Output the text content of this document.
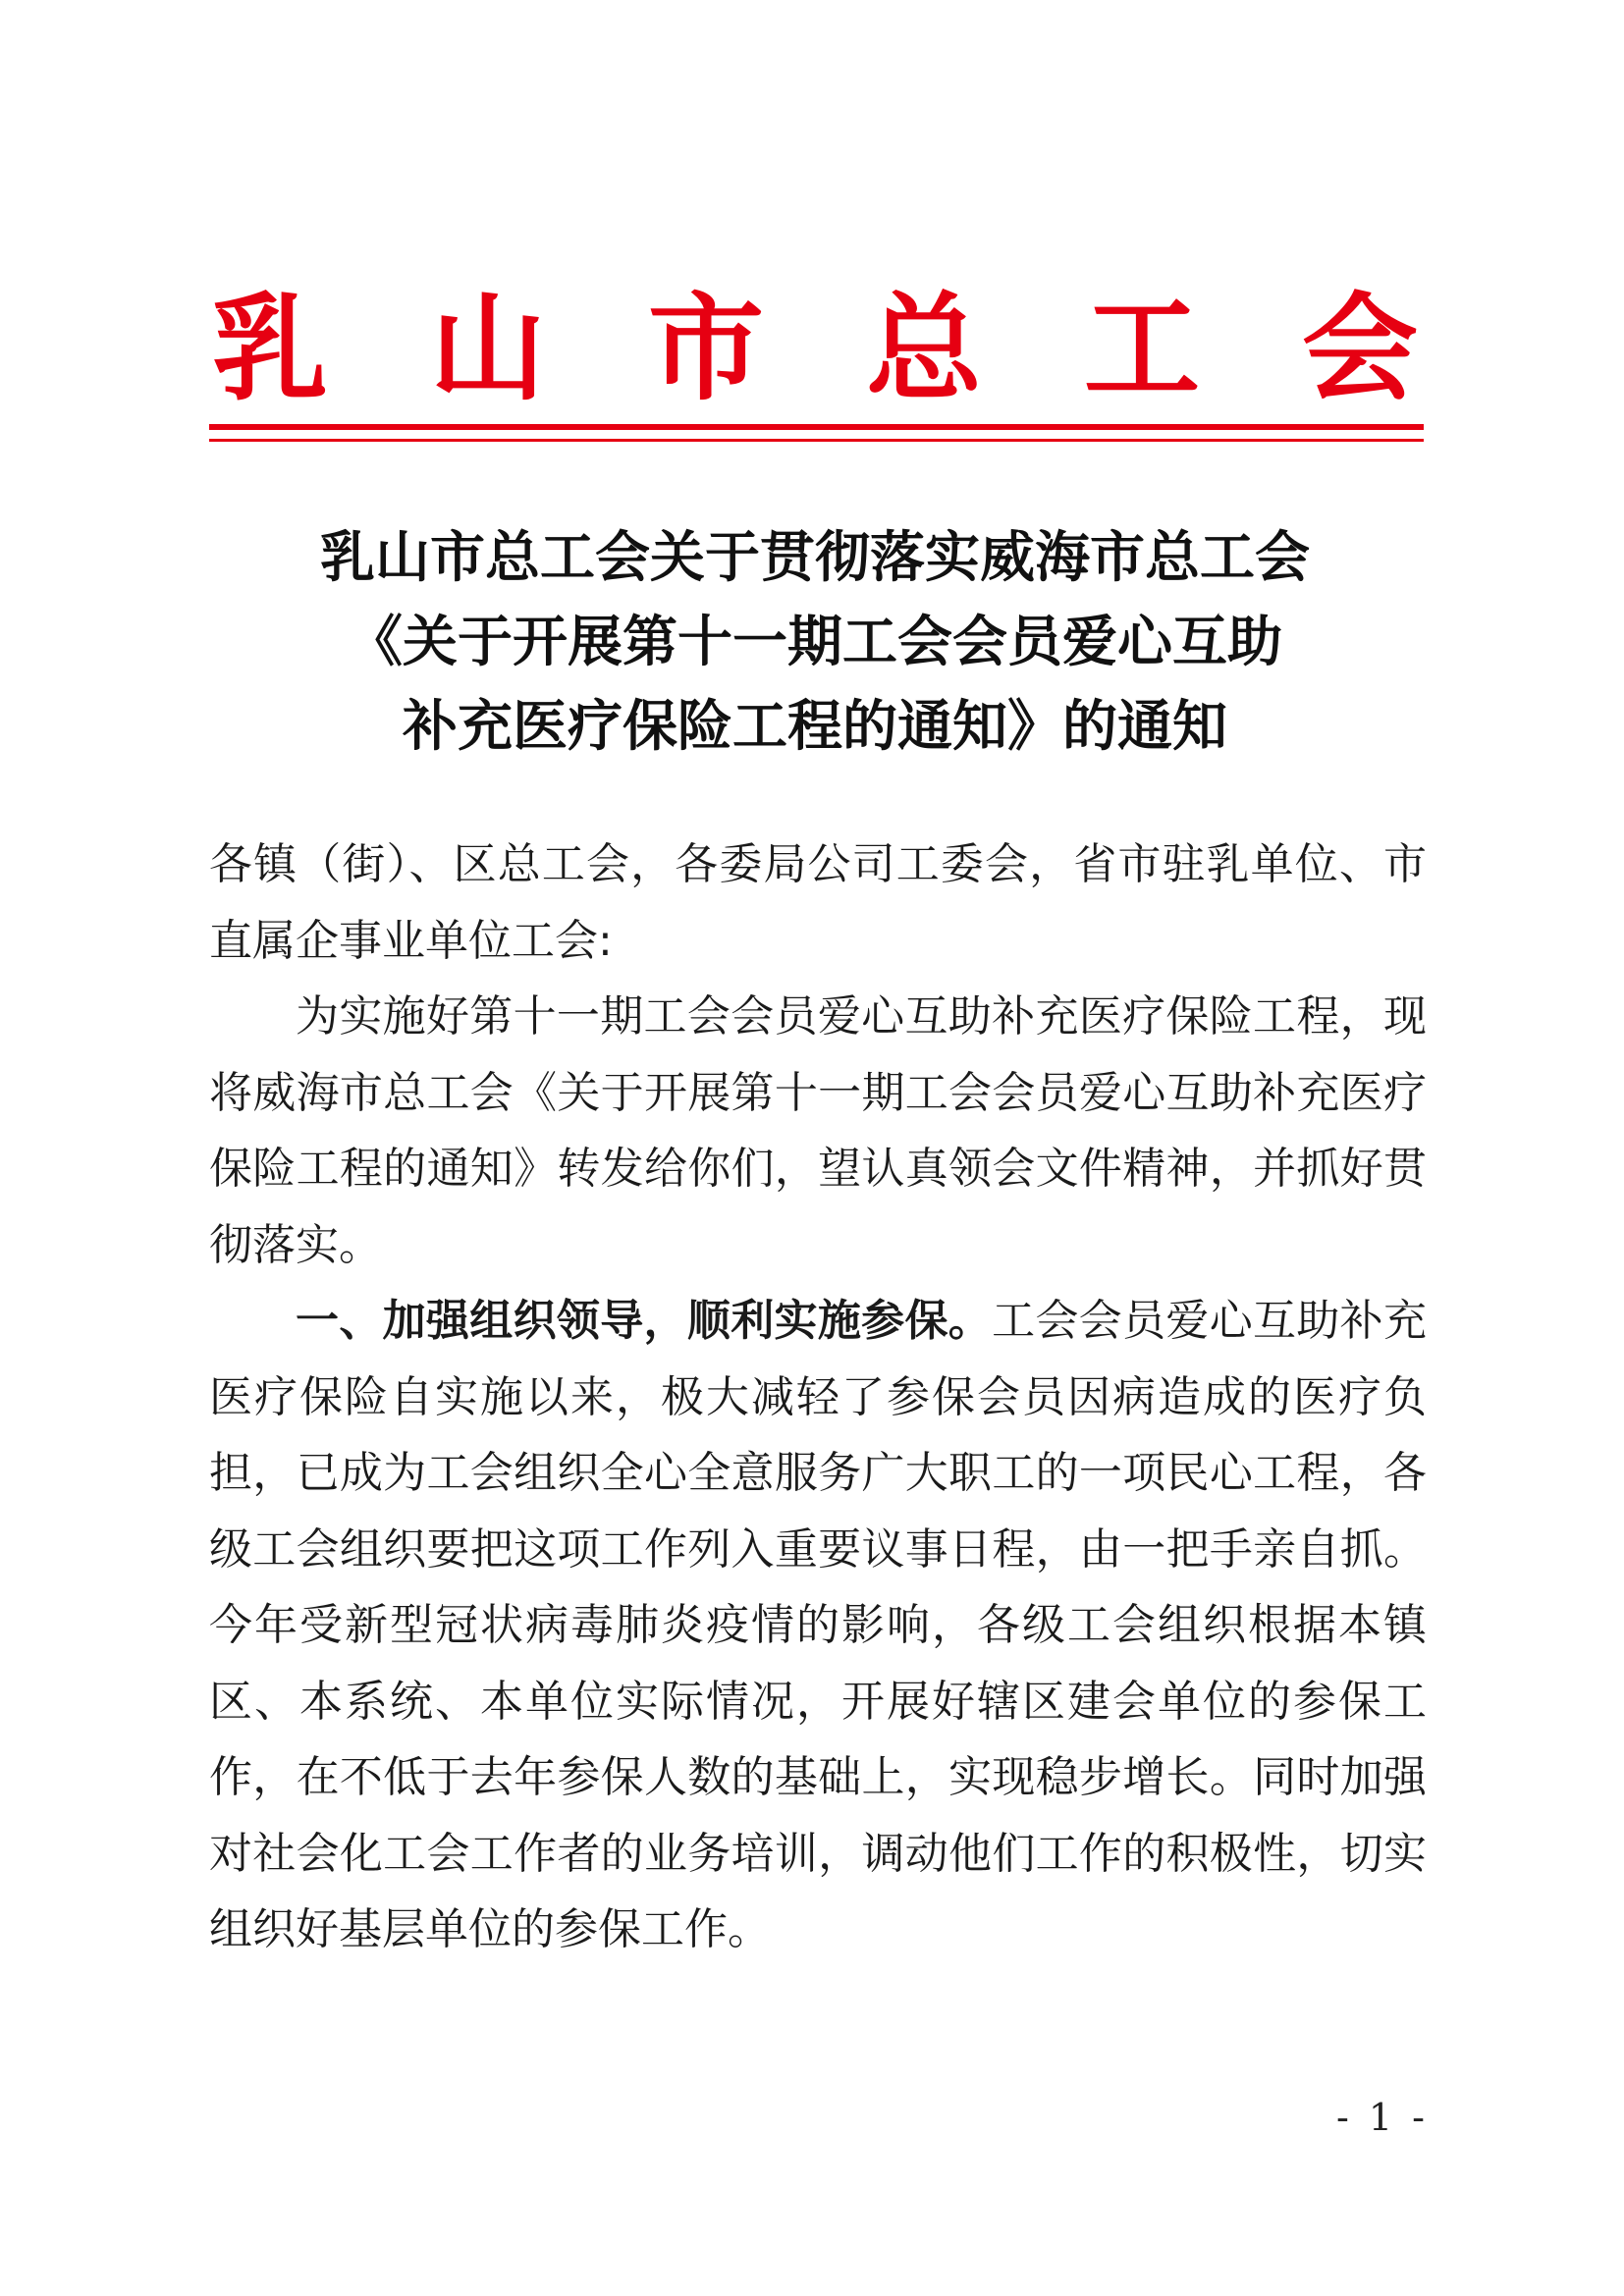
乳 山 市 总 工 会
乳山市总工会关于贯彻落实威海市总工会
《关于开展第十一期工会会员爱心互助
补充医疗保险工程的通知》的通知

各镇（街）、区总工会，各委局公司工委会，省市驻乳单位、市直属企事业单位工会:

为实施好第十一期工会会员爱心互助补充医疗保险工程，现将威海市总工会《关于开展第十一期工会会员爱心互助补充医疗保险工程的通知》转发给你们，望认真领会文件精神，并抓好贯彻落实。

一、加强组织领导，顺利实施参保。工会会员爱心互助补充医疗保险自实施以来，极大减轻了参保会员因病造成的医疗负担，已成为工会组织全心全意服务广大职工的一项民心工程，各级工会组织要把这项工作列入重要议事日程，由一把手亲自抓。今年受新型冠状病毒肺炎疫情的影响，各级工会组织根据本镇区、本系统、本单位实际情况，开展好辖区建会单位的参保工作，在不低于去年参保人数的基础上，实现稳步增长。同时加强对社会化工会工作者的业务培训，调动他们工作的积极性，切实组织好基层单位的参保工作。

- 1 -
